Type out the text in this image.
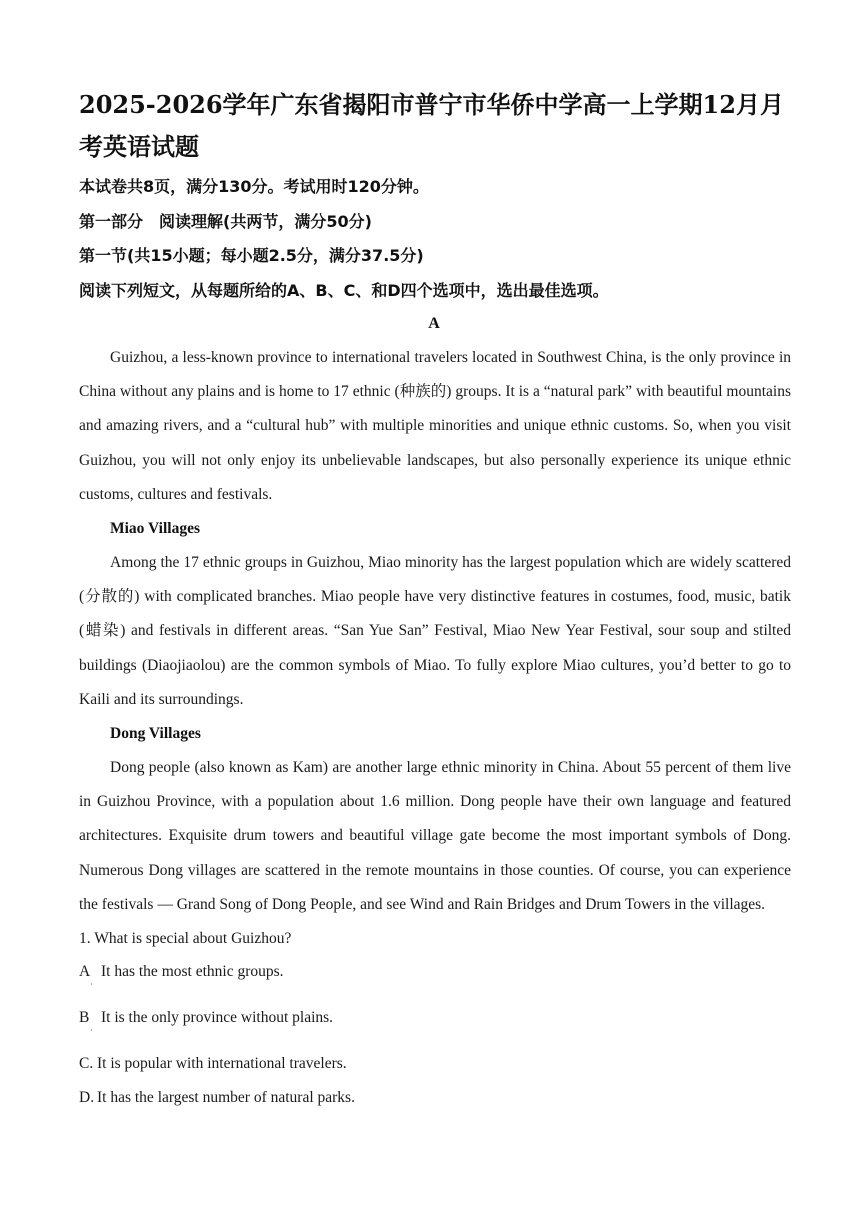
2025-2026学年广东省揭阳市普宁市华侨中学高一上学期12月月考英语试题
本试卷共8页，满分130分。考试用时120分钟。
第一部分　阅读理解(共两节，满分50分)
第一节(共15小题；每小题2.5分，满分37.5分)
阅读下列短文，从每题所给的A、B、C、和D四个选项中，选出最佳选项。
A
Guizhou, a less-known province to international travelers located in Southwest China, is the only province in China without any plains and is home to 17 ethnic (种族的) groups. It is a “natural park” with beautiful mountains and amazing rivers, and a “cultural hub” with multiple minorities and unique ethnic customs. So, when you visit Guizhou, you will not only enjoy its unbelievable landscapes, but also personally experience its unique ethnic customs, cultures and festivals.
Miao Villages
Among the 17 ethnic groups in Guizhou, Miao minority has the largest population which are widely scattered (分散的) with complicated branches. Miao people have very distinctive features in costumes, food, music, batik (蜡染) and festivals in different areas. “San Yue San” Festival, Miao New Year Festival, sour soup and stilted buildings (Diaojiaolou) are the common symbols of Miao. To fully explore Miao cultures, you’d better to go to Kaili and its surroundings.
Dong Villages
Dong people (also known as Kam) are another large ethnic minority in China. About 55 percent of them live in Guizhou Province, with a population about 1.6 million. Dong people have their own language and featured architectures. Exquisite drum towers and beautiful village gate become the most important symbols of Dong. Numerous Dong villages are scattered in the remote mountains in those counties. Of course, you can experience the festivals — Grand Song of Dong People, and see Wind and Rain Bridges and Drum Towers in the villages.
1. What is special about Guizhou?
A It has the most ethnic groups.
·
B It is the only province without plains.
·
C. It is popular with international travelers.
D. It has the largest number of natural parks.
